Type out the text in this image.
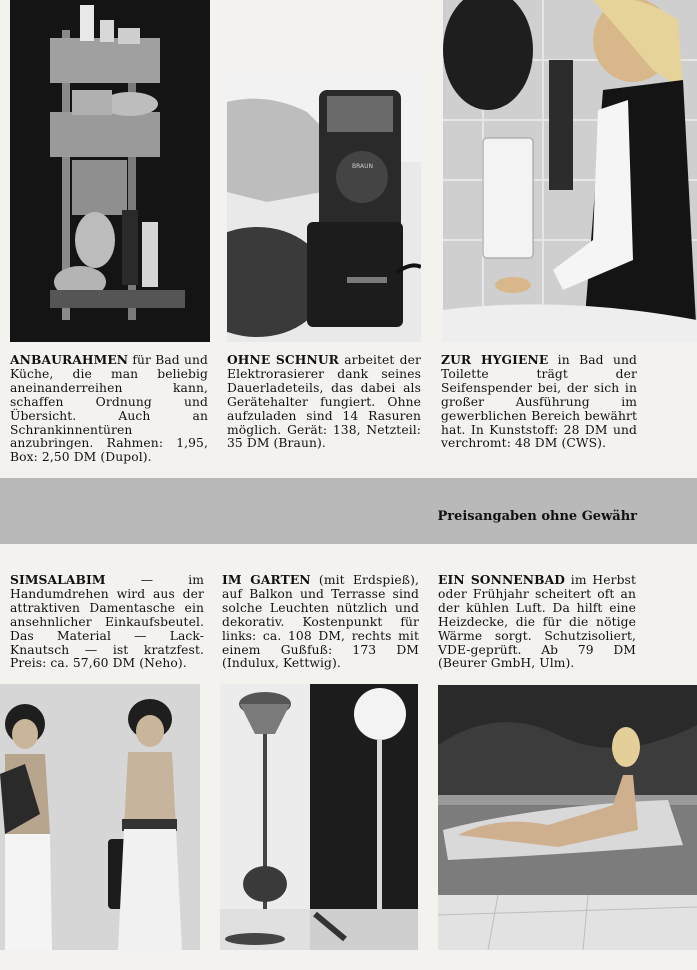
BRAUN
ANBAURAHMEN für Bad und Küche, die man beliebig aneinanderreihen kann, schaffen Ordnung und Übersicht. Auch an Schrankinnentüren anzubringen. Rahmen: 1,95, Box: 2,50 DM (Dupol).
OHNE SCHNUR arbeitet der Elektrorasierer dank seines Dauerladeteils, das dabei als Gerätehalter fungiert. Ohne aufzuladen sind 14 Rasuren möglich. Gerät: 138, Netzteil: 35 DM (Braun).
ZUR HYGIENE in Bad und Toilette trägt der Seifenspender bei, der sich in großer Ausführung im gewerblichen Bereich bewährt hat. In Kunststoff: 28 DM und verchromt: 48 DM (CWS).
Preisangaben ohne Gewähr
SIMSALABIM — im Handumdrehen wird aus der attraktiven Damentasche ein ansehnlicher Einkaufsbeutel. Das Material — Lack-Knautsch — ist kratzfest. Preis: ca. 57,60 DM (Neho).
IM GARTEN (mit Erdspieß), auf Balkon und Terrasse sind solche Leuchten nützlich und dekorativ. Kostenpunkt für links: ca. 108 DM, rechts mit einem Gußfuß: 173 DM (Indulux, Kettwig).
EIN SONNENBAD im Herbst oder Frühjahr scheitert oft an der kühlen Luft. Da hilft eine Heizdecke, die für die nötige Wärme sorgt. Schutzisoliert, VDE-geprüft. Ab 79 DM (Beurer GmbH, Ulm).
